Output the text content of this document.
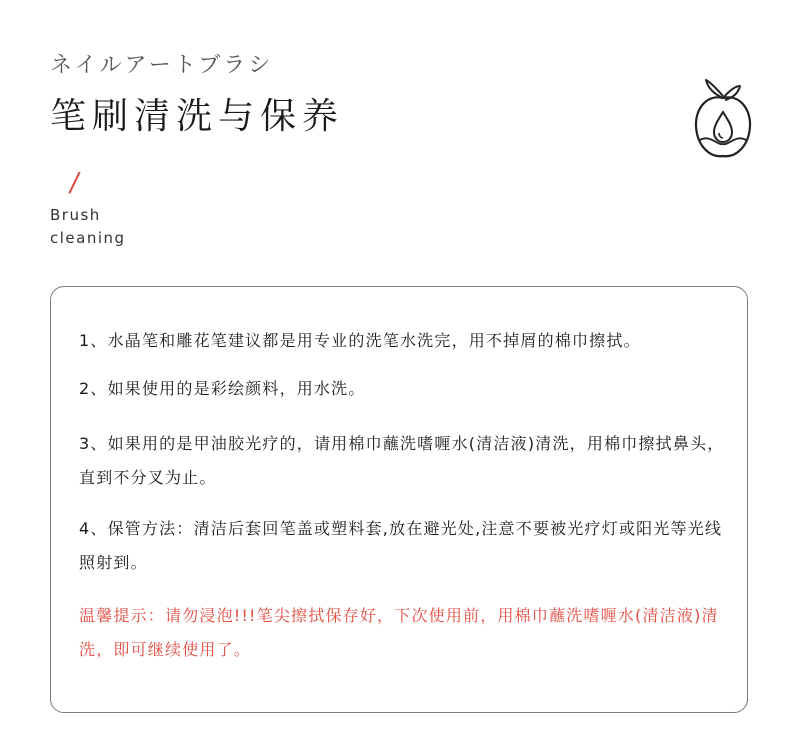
ネイルアートブラシ
笔刷清洗与保养
/
Brush
cleaning
1、水晶笔和雕花笔建议都是用专业的洗笔水洗完，用不掉屑的棉巾擦拭。
2、如果使用的是彩绘颜料，用水洗。
3、如果用的是甲油胶光疗的，请用棉巾蘸洗嗜喱水(清洁液)清洗，用棉巾擦拭鼻头，直到不分叉为止。
4、保管方法：清洁后套回笔盖或塑料套,放在避光处,注意不要被光疗灯或阳光等光线照射到。
温馨提示：请勿浸泡!!!笔尖擦拭保存好，下次使用前，用棉巾蘸洗嗜喱水(清洁液)清洗，即可继续使用了。
